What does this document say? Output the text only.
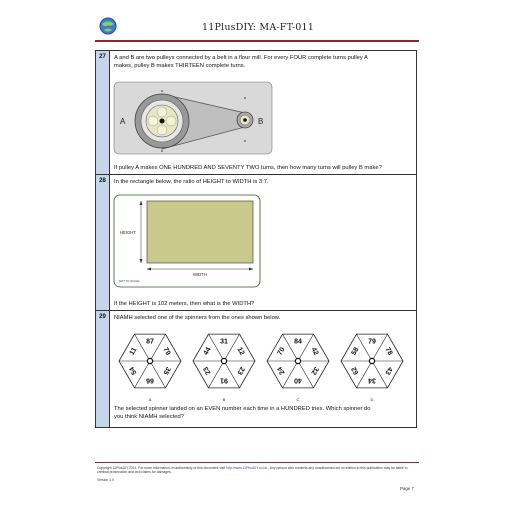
11PlusDIY: MA-FT-011
27	A and B are two pulleys connected by a belt in a flour mill. For every FOUR complete turns pulley A
makes, pulley B makes THIRTEEN complete turns.
A	B
If pulley A makes ONE HUNDRED AND SEVENTY TWO turns, then how many turns will pulley B make?
28	In the rectangle below, the ratio of HEIGHT to WIDTH is 3:7.
HEIGHT
WIDTH
NOT TO SCALE
If the HEIGHT is 102 meters, then what is the WIDTH?
29	NIAMH selected one of the spinners from the ones shown below.
87
79
35
66
54
11
A
31
12
23
91
23
44
B
84
42
32
40
24
70
C
79
78
43
34
62
58
D
The selected spinner landed on an EVEN number each time in a HUNDRED tries. Which spinner do
you think NIAMH selected?
Copyright 11PlusDIY 2011. For more information on authenticity of this document visit http://www.11PlusDIY.co.uk . Any person who commits any unauthorised act in relation to this publication may be liable to criminal prosecution and civil claims for damages.
Version 1.0
Page 7
